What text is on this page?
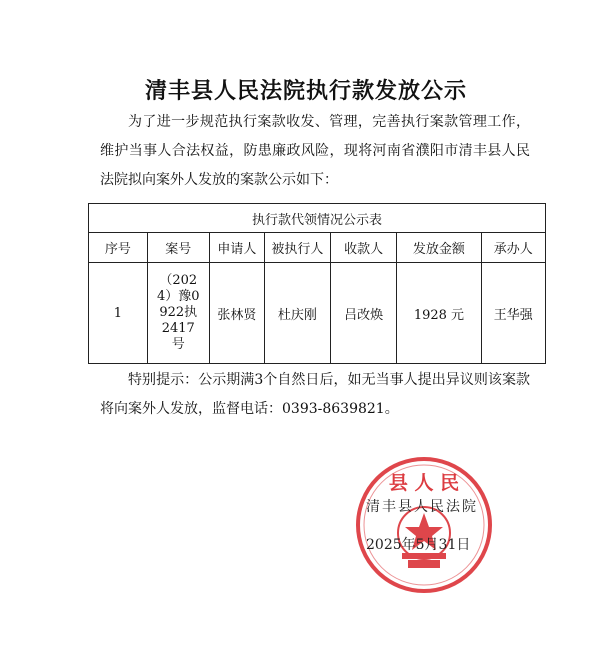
清丰县人民法院执行款发放公示
为了进一步规范执行案款收发、管理，完善执行案款管理工作，维护当事人合法权益，防患廉政风险，现将河南省濮阳市清丰县人民法院拟向案外人发放的案款公示如下：
执行款代领情况公示表						
序号	案号	申请人	被执行人	收款人	发放金额	承办人
1	（2024）豫0922执2417号	张林贤	杜庆刚	吕改焕	1928 元	王华强
特别提示：公示期满3个自然日后，如无当事人提出异议则该案款将向案外人发放，监督电话：0393-8639821。
县 人 民
清丰县人民法院
2025年5月31日
